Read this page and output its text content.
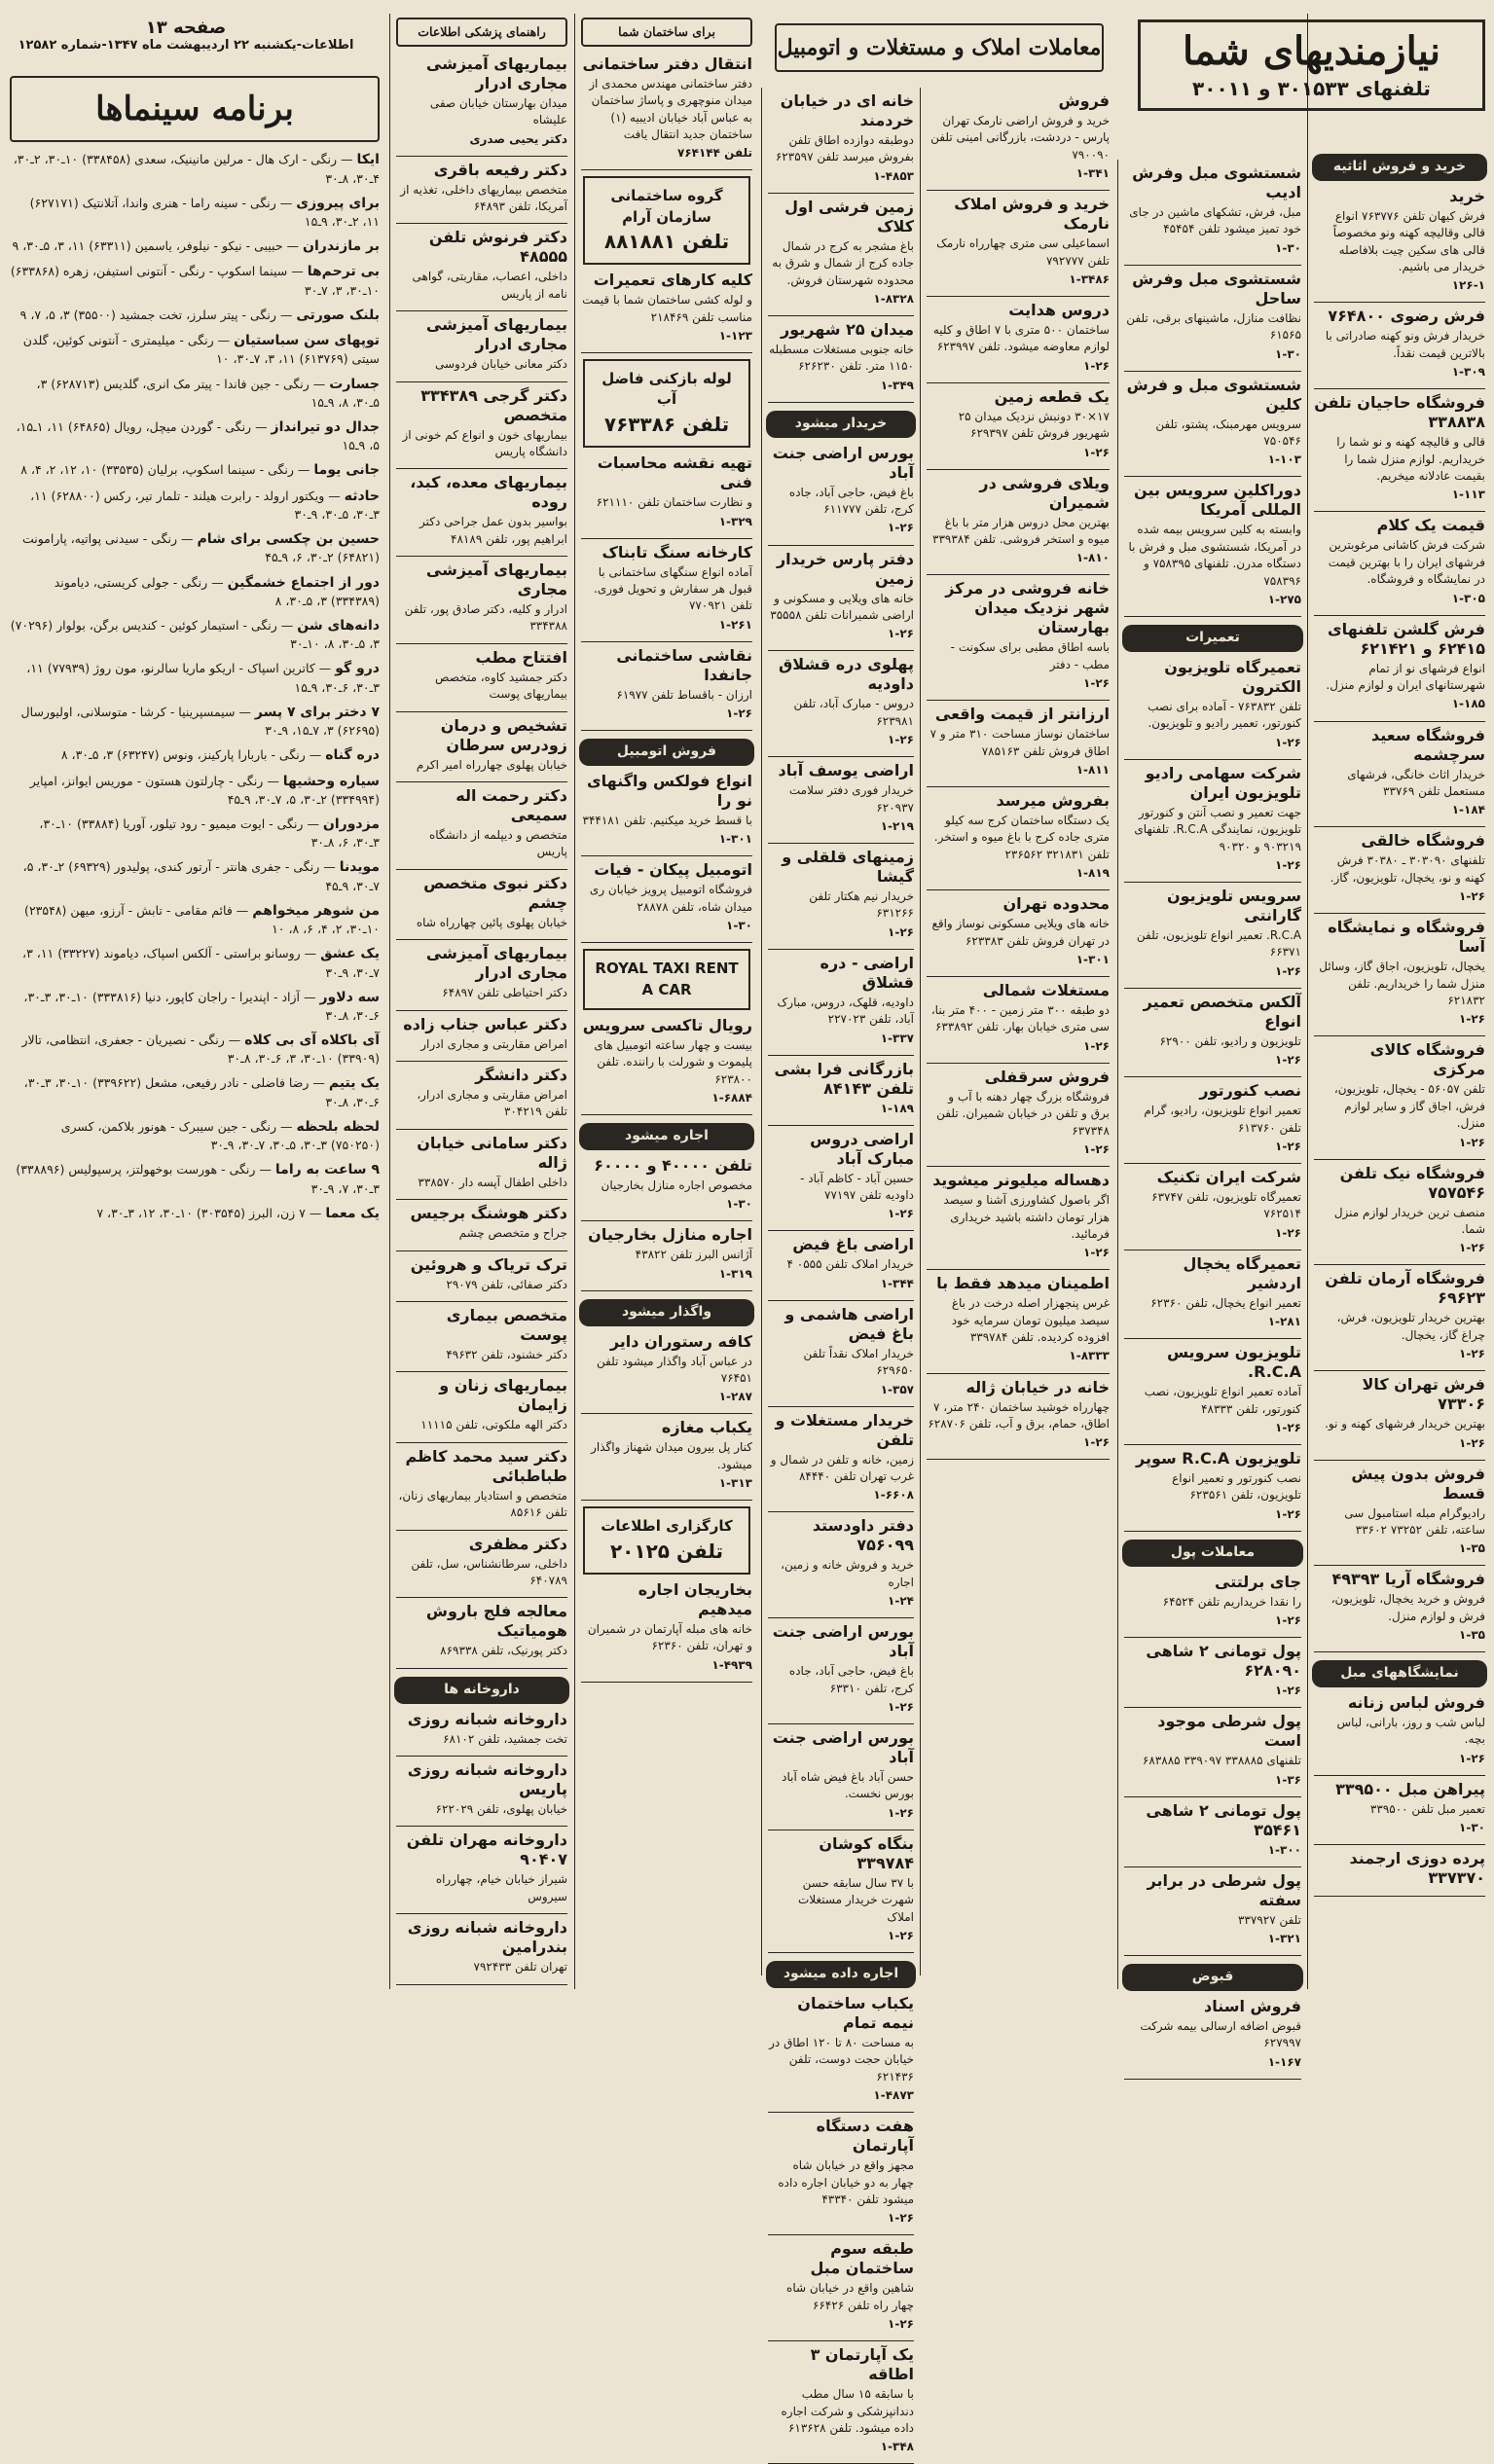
خرید و فروش اثاثیه
خرید
فرش کیهان تلفن ۷۶۳۷۷۶ انواع قالی وقالیچه کهنه ونو مخصوصاً قالی های سکین چیت بلافاصله خریدار می باشیم.
۱۲۶-۱
فرش رضوی ۷۶۴۸۰۰
خریدار فرش ونو کهنه صادراتی با بالاترین قیمت نقداً.
۱-۳۰۹
فروشگاه حاجیان تلفن ۳۳۸۸۳۸
قالی و قالیچه کهنه و نو شما را خریداریم. لوازم منزل شما را بقیمت عادلانه میخریم.
۱-۱۱۳
قیمت یک کلام
شرکت فرش کاشانی مرغوبترین فرشهای ایران را با بهترین قیمت در نمایشگاه و فروشگاه.
۱-۳۰۵
فرش گلشن تلفنهای ۶۲۴۱۵ و ۶۲۱۴۲۱
انواع فرشهای نو از تمام شهرستانهای ایران و لوازم منزل.
۱-۱۸۵
فروشگاه سعید سرچشمه
خریدار اثاث خانگی، فرشهای مستعمل تلفن ۳۳۷۶۹
۱-۱۸۴
فروشگاه خالقی
تلفنهای ۳۰۳۰۹۰ ـ ۳۰۳۸۰ فرش کهنه و نو، یخچال، تلویزیون، گاز.
۱-۲۶
فروشگاه و نمایشگاه آسا
یخچال، تلویزیون، اجاق گاز، وسائل منزل شما را خریداریم. تلفن ۶۲۱۸۳۲
۱-۲۶
فروشگاه کالای مرکزی
تلفن ۵۶۰۵۷ - یخچال، تلویزیون، فرش، اجاق گاز و سایر لوازم منزل.
۱-۲۶
فروشگاه نیک تلفن ۷۵۷۵۴۶
منصف ترین خریدار لوازم منزل شما.
۱-۲۶
فروشگاه آرمان تلفن ۶۹۶۲۳
بهترین خریدار تلویزیون، فرش، چراغ گاز، یخچال.
۱-۲۶
فرش تهران کالا ۷۳۳۰۶
بهترین خریدار فرشهای کهنه و نو.
۱-۲۶
فروش بدون پیش قسط
رادیوگرام مبله استامبول سی ساعته، تلفن ۷۳۲۵۲ ۳۳۶۰۲
۱-۳۵
فروشگاه آریا ۴۹۳۹۳
فروش و خرید یخچال، تلویزیون، فرش و لوازم منزل.
۱-۳۵
نمایشگاههای مبل
فروش لباس زنانه
لباس شب و روز، بارانی، لباس بچه.
۱-۲۶
پیراهن مبل ۳۳۹۵۰۰
تعمیر مبل تلفن ۳۳۹۵۰۰
۱-۳۰
پرده دوزی ارجمند ۳۳۷۳۷۰
شستشوی مبل وفرش ادیب
مبل، فرش، تشکهای ماشین در جای خود تمیز میشود تلفن ۴۵۴۵۴
۱-۳۰
شستشوی مبل وفرش ساحل
نظافت منازل، ماشینهای برقی، تلفن ۶۱۵۶۵
۱-۳۰
شستشوی مبل و فرش کلین
سرویس مهرمبنک، پشتو، تلفن ۷۵۰۵۴۶
۱-۱۰۳
دوراکلین سرویس بین المللی آمریکا
وابسته به کلین سرویس بیمه شده در آمریکا، شستشوی مبل و فرش با دستگاه مدرن. تلفنهای ۷۵۸۳۹۵ و ۷۵۸۳۹۶
۱-۲۷۵
تعمیرات
تعمیرگاه تلویزیون الکترون
تلفن ۷۶۳۸۳۲ - آماده برای نصب کنورتور، تعمیر رادیو و تلویزیون.
۱-۲۶
شرکت سهامی رادیو تلویزیون ایران
جهت تعمیر و نصب آنتن و کنورتور تلویزیون، نمایندگی R.C.A. تلفنهای ۹۰۳۲۱۹ و ۹۰۳۲۰
۱-۲۶
سرویس تلویزیون گارانتی
R.C.A. تعمیر انواع تلویزیون، تلفن ۶۶۳۷۱
۱-۲۶
آلکس متخصص تعمیر انواع
تلویزیون و رادیو، تلفن ۶۲۹۰۰
۱-۲۶
نصب کنورتور
تعمیر انواع تلویزیون، رادیو، گرام تلفن ۶۱۳۷۶۰
۱-۲۶
شرکت ایران تکنیک
تعمیرگاه تلویزیون، تلفن ۶۳۷۴۷ ۷۶۲۵۱۴
۱-۲۶
تعمیرگاه یخچال اردشیر
تعمیر انواع یخچال، تلفن ۶۲۳۶۰
۱-۲۸۱
تلویزیون سرویس R.C.A.
آماده تعمیر انواع تلویزیون، نصب کنورتور، تلفن ۴۸۳۳۳
۱-۲۶
تلویزیون R.C.A سوپر
نصب کنورتور و تعمیر انواع تلویزیون، تلفن ۶۲۳۵۶۱
۱-۲۶
معاملات پول
جای برلتتی
را نقدا خریداریم تلفن ۶۴۵۲۴
۱-۲۶
پول تومانی ۲ شاهی ۶۲۸۰۹۰
۱-۲۶
پول شرطی موجود است
تلفنهای ۳۳۸۸۸۵ ۳۳۹۰۹۷ ۶۸۳۸۸۵
۱-۳۶
پول تومانی ۲ شاهی ۳۵۴۶۱
۱-۳۰۰
پول شرطی در برابر سفته
تلفن ۳۳۷۹۲۷
۱-۳۲۱
قبوض
فروش اسناد
قبوض اضافه ارسالی بیمه شرکت ۶۲۷۹۹۷
۱-۱۶۷
نیازمندیهای شما
تلفنهای ۳۰۱۵۳۳ و ۳۰۰۱۱
فروش
خرید و فروش اراضی نارمک تهران پارس - دردشت، بازرگانی امینی تلفن ۷۹۰۰۹۰
۱-۳۴۱
خرید و فروش املاک نارمک
اسماعیلی سی متری چهارراه نارمک تلفن ۷۹۲۷۷۷
۱-۳۴۸۶
دروس هدایت
ساختمان ۵۰۰ متری با ۷ اطاق و کلیه لوازم معاوضه میشود. تلفن ۶۲۳۹۹۷
۱-۲۶
یک قطعه زمین
۱۷×۳۰ دونبش نزدیک میدان ۲۵ شهریور فروش تلفن ۶۲۹۳۹۷
۱-۲۶
ویلای فروشی در شمیران
بهترین محل دروس هزار متر با باغ میوه و استخر فروشی. تلفن ۳۳۹۳۸۴
۱-۸۱۰
خانه فروشی در مرکز شهر نزدیک میدان بهارستان
باسه اطاق مطبی برای سکونت - مطب - دفتر
۱-۲۶
ارزانتر از قیمت واقعی
ساختمان نوساز مساحت ۳۱۰ متر و ۷ اطاق فروش تلفن ۷۸۵۱۶۳
۱-۸۱۱
بفروش میرسد
یک دستگاه ساختمان کرج سه کیلو متری جاده کرج با باغ میوه و استخر. تلفن ۳۲۱۸۳۱ ۲۳۶۵۶۲
۱-۸۱۹
محدوده تهران
خانه های ویلایی مسکونی نوساز واقع در تهران فروش تلفن ۶۲۳۳۸۳
۱-۳۰۱
مستغلات شمالی
دو طبقه ۳۰۰ متر زمین - ۴۰۰ متر بنا، سی متری خیابان بهار. تلفن ۶۳۳۸۹۲
۱-۲۶
فروش سرقفلی
فروشگاه بزرگ چهار دهنه با آب و برق و تلفن در خیابان شمیران. تلفن ۶۳۷۳۴۸
۱-۲۶
دهساله میلیونر میشوید
اگر باصول کشاورزی آشنا و سیصد هزار تومان داشته باشید خریداری فرمائید.
۱-۲۶
اطمینان میدهد فقط با
غرس پنجهزار اصله درخت در باغ سیصد میلیون تومان سرمایه خود افزوده کردیده. تلفن ۳۳۹۷۸۴
۱-۸۳۳۳
خانه در خیابان ژاله
چهارراه خوشید ساختمان ۲۴۰ متر، ۷ اطاق، حمام، برق و آب، تلفن ۶۲۸۷۰۶
۱-۲۶
خانه ای در خیابان خردمند
دوطبقه دوازده اطاق تلفن بفروش میرسد تلفن ۶۲۳۵۹۷
۱-۴۸۵۳
زمین فرشی اول کلاک
باغ مشجر به کرج در شمال جاده کرج از شمال و شرق به محدوده شهرستان فروش.
۱-۸۳۲۸
میدان ۲۵ شهریور
خانه جنوبی مستغلات مسطبله ۱۱۵۰ متر. تلفن ۶۲۶۲۳۰
۱-۳۴۹
خریدار میشود
بورس اراضی جنت آباد
باغ فیض، حاجی آباد، جاده کرج، تلفن ۶۱۱۷۷۷
۱-۲۶
دفتر پارس خریدار زمین
خانه های ویلایی و مسکونی و اراضی شمیرانات تلفن ۳۵۵۵۸
۱-۲۶
پهلوی دره قشلاق داودیه
دروس - مبارک آباد، تلفن ۶۲۳۹۸۱
۱-۲۶
اراضی یوسف آباد
خریدار فوری دفتر سلامت ۶۲۰۹۳۷
۱-۲۱۹
زمینهای قلقلی و گیشا
خریدار نیم هکتار تلفن ۶۳۱۲۶۶
۱-۲۶
اراضی - دره قشلاق
داودیه، قلهک، دروس، مبارک آباد، تلفن ۲۲۷۰۲۳
۱-۳۳۷
بازرگانی فرا بشی تلفن ۸۴۱۴۳
۱-۱۸۹
اراضی دروس مبارک آباد
حسین آباد - کاظم آباد - داودیه تلفن ۷۷۱۹۷
۱-۲۶
اراضی باغ فیض
خریدار املاک تلفن ۰۵۵۵ ۴
۱-۳۴۴
اراضی هاشمی و باغ فیض
خریدار املاک نقداً تلفن ۶۲۹۶۵۰
۱-۳۵۷
خریدار مستغلات و تلفن
زمین، خانه و تلفن در شمال و غرب تهران تلفن ۸۴۴۴۰
۱-۶۶۰۸
دفتر داودستد ۷۵۶۰۹۹
خرید و فروش خانه و زمین، اجاره
۱-۲۴
بورس اراضی جنت آباد
باغ فیض، حاجی آباد، جاده کرج، تلفن ۶۳۳۱۰
۱-۲۶
بورس اراضی جنت آباد
حسن آباد باغ فیض شاه آباد بورس نخست.
۱-۲۶
بنگاه کوشان ۳۳۹۷۸۴
با ۳۷ سال سابقه حسن شهرت خریدار مستغلات املاک
۱-۲۶
اجاره داده میشود
یکباب ساختمان نیمه تمام
به مساحت ۸۰ تا ۱۲۰ اطاق در خیابان حجت دوست، تلفن ۶۲۱۴۳۶
۱-۴۸۷۳
هفت دستگاه آپارتمان
مجهز واقع در خیابان شاه چهار به دو خیابان اجاره داده میشود تلفن ۴۳۳۴۰
۱-۲۶
طبقه سوم ساختمان مبل
شاهین واقع در خیابان شاه چهار راه تلفن ۶۶۴۲۶
۱-۲۶
یک آپارتمان ۳ اطاقه
با سابقه ۱۵ سال مطب دندانپزشکی و شرکت اجاره داده میشود. تلفن ۶۱۳۶۲۸
۱-۳۴۸
معاملات املاک و مستغلات و اتومبیل
برای ساختمان شما
انتقال دفتر ساختمانی
دفتر ساختمانی مهندس محمدی از میدان منوچهری و پاساژ ساختمان به عباس آباد خیابان ادیبیه (۱) ساختمان جدید انتقال یافت
تلفن ۷۶۴۱۴۴
گروه ساختمانی سازمان آرام
تلفن ۸۸۱۸۸۱
کلیه کارهای تعمیرات
و لوله کشی ساختمان شما با قیمت مناسب تلفن ۲۱۸۴۶۹
۱-۱۲۳
لوله بازکنی فاضل آب
تلفن ۷۶۳۳۸۶
تهیه نقشه محاسبات فنی
و نظارت ساختمان تلفن ۶۲۱۱۱۰
۱-۳۲۹
کارخانه سنگ تابناک
آماده انواع سنگهای ساختمانی با قبول هر سفارش و تحویل فوری. تلفن ۷۷۰۹۲۱
۱-۲۶۱
نقاشی ساختمانی جانفدا
ارزان - باقساط تلفن ۶۱۹۷۷
۱-۲۶
فروش اتومبیل
انواع فولکس واگنهای نو را
با قسط خرید میکنیم. تلفن ۳۴۴۱۸۱
۱-۳۰۱
اتومبیل پیکان - فیات
فروشگاه اتومبیل پرویز خیابان ری میدان شاه، تلفن ۲۸۸۷۸
۱-۳۰
ROYAL TAXI RENT A CAR
رویال تاکسی سرویس
بیست و چهار ساعته اتومبیل های پلیموت و شورلت با راننده. تلفن ۶۲۳۸۰۰
۱-۶۸۸۴
اجاره میشود
تلفن ۴۰۰۰۰ و ۶۰۰۰۰
مخصوص اجاره منازل بخارجیان
۱-۳۰
اجاره منازل بخارجیان
آژانس البرز تلفن ۴۳۸۲۲
۱-۳۱۹
واگذار میشود
کافه رستوران دایر
در عباس آباد واگذار میشود تلفن ۷۶۴۵۱
۱-۲۸۷
یکباب مغازه
کنار پل بیرون میدان شهناز واگذار میشود.
۱-۳۱۳
کارگزاری اطلاعات
تلفن ۲۰۱۲۵
بخاریجان اجاره میدهیم
خانه های مبله آپارتمان در شمیران و تهران، تلفن ۶۲۳۶۰
۱-۴۹۳۹
راهنمای پزشکی اطلاعات
بیماریهای آمیزشی مجاری ادرار
میدان بهارستان خیابان صفی علیشاه
دکتر یحیی صدری
دکتر رفیعه باقری
متخصص بیماریهای داخلی، تغذیه از آمریکا، تلفن ۶۴۸۹۳
دکتر فرنوش تلفن ۴۸۵۵۵
داخلی، اعصاب، مقاربتی، گواهی نامه از پاریس
بیماریهای آمیزشی مجاری ادرار
دکتر معانی خیابان فردوسی
دکتر گرجی ۳۳۴۳۸۹ متخصص
بیماریهای خون و انواع کم خونی از دانشگاه پاریس
بیماریهای معده، کبد، روده
بواسیر بدون عمل جراحی دکتر ابراهیم پور، تلفن ۴۸۱۸۹
بیماریهای آمیزشی مجاری
ادرار و کلیه، دکتر صادق پور، تلفن ۳۳۴۳۸۸
افتتاح مطب
دکتر جمشید کاوه، متخصص بیماریهای پوست
تشخیص و درمان زودرس سرطان
خیابان پهلوی چهارراه امیر اکرم
دکتر رحمت اله سمیعی
متخصص و دیپلمه از دانشگاه پاریس
دکتر نبوی متخصص چشم
خیابان پهلوی پائین چهارراه شاه
بیماریهای آمیزشی مجاری ادرار
دکتر احتیاطی تلفن ۶۴۸۹۷
دکتر عباس جناب زاده
امراض مقاربتی و مجاری ادرار
دکتر دانشگر
امراض مقاربتی و مجاری ادرار، تلفن ۳۰۴۲۱۹
دکتر سامانی خیابان ژاله
داخلی اطفال آپسه دار ۳۳۸۵۷۰
دکتر هوشنگ برجیس
جراح و متخصص چشم
ترک تریاک و هروئین
دکتر صفائی، تلفن ۲۹۰۷۹
متخصص بیماری پوست
دکتر خشنود، تلفن ۴۹۶۳۲
بیماریهای زنان و زایمان
دکتر الهه ملکوتی، تلفن ۱۱۱۱۵
دکتر سید محمد کاظم طباطبائی
متخصص و استادیار بیماریهای زنان، تلفن ۸۵۶۱۶
دکتر مظفری
داخلی، سرطانشناس، سل، تلفن ۶۴۰۷۸۹
معالجه فلج باروش هومیاتیک
دکتر پورنیک، تلفن ۸۶۹۳۳۸
داروخانه ها
داروخانه شبانه روزی
تخت جمشید، تلفن ۶۸۱۰۲
داروخانه شبانه روزی پاریس
خیابان پهلوی، تلفن ۶۲۲۰۲۹
داروخانه مهران تلفن ۹۰۴۰۷
شیراز خیابان خیام، چهارراه سیروس
داروخانه شبانه روزی بندرامین
تهران تلفن ۷۹۲۴۳۳
برنامه سینماها
ایکا — رنگی - ارک هال - مرلین مانینیک، سعدی (۳۳۸۴۵۸) ۱۰ـ۳۰، ۲ـ۳۰، ۴ـ۳۰، ۸ـ۳۰
برای پیروزی — رنگی - سینه راما - هنری واندا، آتلانتیک (۶۲۷۱۷۱) ۱۱، ۲ـ۳۰، ۹ـ۱۵
بر مازندران — حبیبی - نیکو - نیلوفر، یاسمین (۶۳۳۱۱) ۱۱، ۳، ۵ـ۳۰، ۹
بی ترحم‌ها — سینما اسکوپ - رنگی - آنتونی استیفن، زهره (۶۳۳۸۶۸) ۱۰ـ۳۰، ۳، ۷ـ۳۰
بلنک صورتی — رنگی - پیتر سلرز، تخت جمشید (۳۵۵۰۰) ۳، ۵، ۷، ۹
توپهای سن سباستیان — رنگی - میلیمتری - آنتونی کوئین، گلدن سیتی (۶۱۳۷۶۹) ۱۱، ۳، ۷ـ۳۰، ۱۰
جسارت — رنگی - جین فاندا - پیتر مک انری، گلدیس (۶۲۸۷۱۳) ۳، ۵ـ۳۰، ۸، ۹ـ۱۵
جدال دو تیرانداز — رنگی - گوردن میچل، رویال (۶۴۸۶۵) ۱۱، ۱ـ۱۵، ۵، ۹ـ۱۵
جانی یوما — رنگی - سینما اسکوپ، برلیان (۳۳۵۳۵) ۱۰، ۱۲، ۲، ۴، ۸
حادثه — ویکتور ارولد - رابرت هیلند - تلمار تیر، رکس (۶۲۸۸۰۰) ۱۱، ۳ـ۳۰، ۵ـ۳۰، ۹ـ۳۰
حسین بن چکسی برای شام — رنگی - سیدنی پواتیه، پارامونت (۶۴۸۲۱) ۲ـ۳۰، ۶، ۹ـ۴۵
دور از اجتماع خشمگین — رنگی - جولی کریستی، دیاموند (۳۳۴۳۸۹) ۳، ۵ـ۳۰، ۸
دانه‌های شن — رنگی - استیمار کوئین - کندیس برگن، بولوار (۷۰۲۹۶) ۳، ۵ـ۳۰، ۸، ۱۰ـ۳۰
درو گو — کاترین اسپاک - اریکو ماریا سالرنو، مون روژ (۷۷۹۳۹) ۱۱، ۳ـ۳۰، ۶ـ۳۰، ۹ـ۱۵
۷ دختر برای ۷ پسر — سیمسپرینیا - کرشا - متوسلانی، اولیورسال (۶۲۶۹۵) ۳، ۷ـ۱۵، ۹ـ۳۰
دره گناه — رنگی - باربارا پارکینز، ونوس (۶۳۲۴۷) ۳، ۵ـ۳۰، ۸
سیاره وحشیها — رنگی - چارلتون هستون - موریس ایوانز، امپایر (۳۳۴۹۹۴) ۲ـ۳۰، ۵، ۷ـ۳۰، ۹ـ۴۵
مزدوران — رنگی - ایوت میمیو - رود تیلور، آوریا (۳۳۸۸۴) ۱۰ـ۳۰، ۳ـ۳۰، ۶، ۸ـ۳۰
مویدنا — رنگی - جفری هانتر - آرتور کندی، پولیدور (۶۹۳۲۹) ۲ـ۳۰، ۵، ۷ـ۳۰، ۹ـ۴۵
من شوهر میخواهم — فائم مقامی - تابش - آرزو، میهن (۲۳۵۴۸) ۱۰ـ۳۰، ۲، ۴، ۶، ۸، ۱۰
یک عشق — روسانو براستی - آلکس اسپاک، دیاموند (۳۳۲۲۷) ۱۱، ۳، ۷ـ۳۰، ۹ـ۳۰
سه دلاور — آزاد - اپندیرا - راجان کاپور، دنیا (۳۳۳۸۱۶) ۱۰ـ۳۰، ۳ـ۳۰، ۶ـ۳۰، ۸ـ۳۰
آی باکلاه آی بی کلاه — رنگی - نصیریان - جعفری، انتظامی، تالار (۳۳۹۰۹) ۱۰ـ۳۰، ۳، ۶ـ۳۰، ۸ـ۳۰
یک یتیم — رضا فاضلی - نادر رفیعی، مشعل (۳۳۹۶۲۲) ۱۰ـ۳۰، ۳ـ۳۰، ۶ـ۳۰، ۸ـ۳۰
لحظه بلحظه — رنگی - جین سیبرک - هونور بلاکمن، کسری (۷۵۰۲۵۰) ۳ـ۳۰، ۵ـ۳۰، ۷ـ۳۰، ۹ـ۳۰
۹ ساعت به راما — رنگی - هورست بوخهولتز، پرسپولیس (۳۳۸۸۹۶) ۳ـ۳۰، ۷، ۹ـ۳۰
یک معما — ۷ زن، البرز (۳۰۳۵۴۵) ۱۰ـ۳۰، ۱۲، ۳ـ۳۰، ۷
صفحه ۱۳
اطلاعات-یکشنبه ۲۲ اردیبهشت ماه ۱۳۴۷-شماره ۱۲۵۸۲
